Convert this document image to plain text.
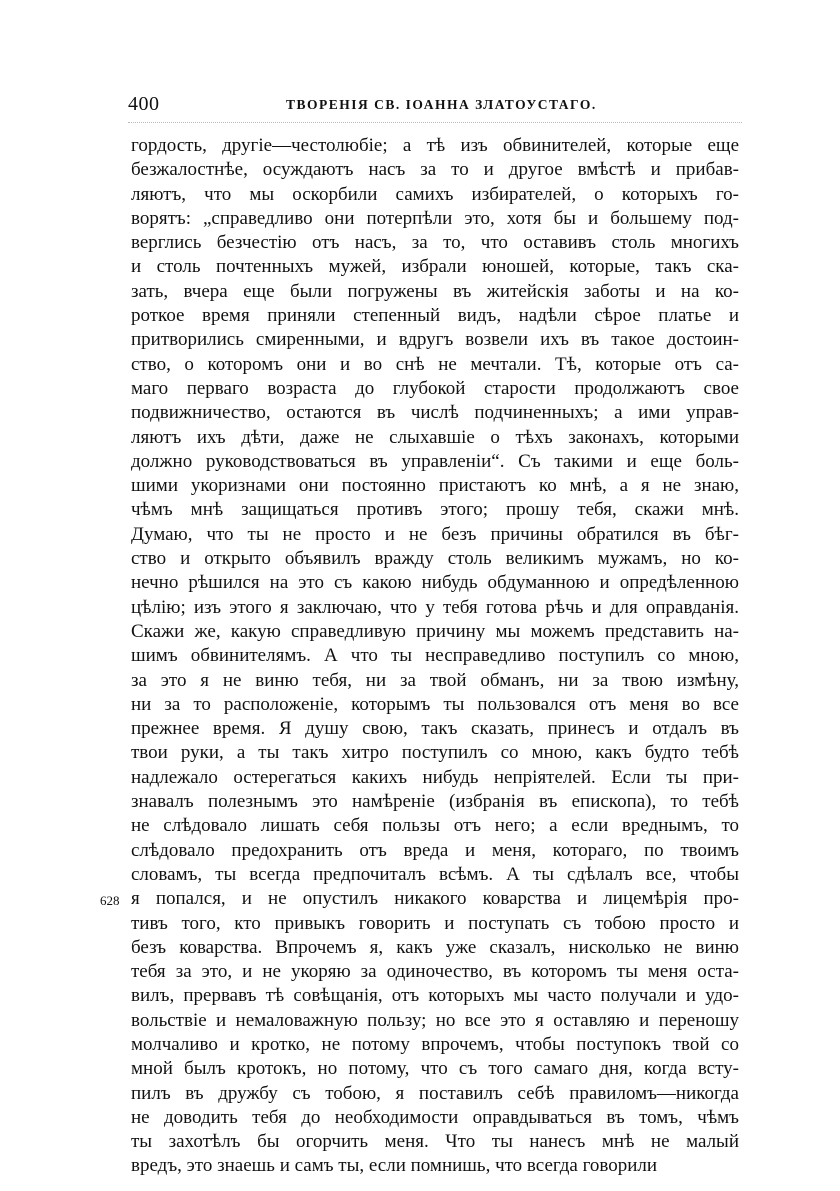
400	ТВОРЕНІЯ СВ. ІОАННА ЗЛАТОУСТАГО.
628
гордость, другіе—честолюбіе; а тѣ изъ обвинителей, которые еще
безжалостнѣе, осуждаютъ насъ за то и другое вмѣстѣ и прибав-
ляютъ, что мы оскорбили самихъ избирателей, о которыхъ го-
ворятъ: „справедливо они потерпѣли это, хотя бы и большему под-
верглись безчестію отъ насъ, за то, что оставивъ столь многихъ
и столь почтенныхъ мужей, избрали юношей, которые, такъ ска-
зать, вчера еще были погружены въ житейскія заботы и на ко-
роткое время приняли степенный видъ, надѣли сѣрое платье и
притворились смиренными, и вдругъ возвели ихъ въ такое достоин-
ство, о которомъ они и во снѣ не мечтали. Тѣ, которые отъ са-
маго перваго возраста до глубокой старости продолжаютъ свое
подвижничество, остаются въ числѣ подчиненныхъ; а ими управ-
ляютъ ихъ дѣти, даже не слыхавшіе о тѣхъ законахъ, которыми
должно руководствоваться въ управленіи“. Съ такими и еще боль-
шими укоризнами они постоянно пристаютъ ко мнѣ, а я не знаю,
чѣмъ мнѣ защищаться противъ этого; прошу тебя, скажи мнѣ.
Думаю, что ты не просто и не безъ причины обратился въ бѣг-
ство и открыто объявилъ вражду столь великимъ мужамъ, но ко-
нечно рѣшился на это съ какою нибудь обдуманною и опредѣленною
цѣлію; изъ этого я заключаю, что у тебя готова рѣчь и для оправданія.
Скажи же, какую справедливую причину мы можемъ представить на-
шимъ обвинителямъ. А что ты несправедливо поступилъ со мною,
за это я не виню тебя, ни за твой обманъ, ни за твою измѣну,
ни за то расположеніе, которымъ ты пользовался отъ меня во все
прежнее время. Я душу свою, такъ сказать, принесъ и отдалъ въ
твои руки, а ты такъ хитро поступилъ со мною, какъ будто тебѣ
надлежало остерегаться какихъ нибудь непріятелей. Если ты при-
знавалъ полезнымъ это намѣреніе (избранія въ епископа), то тебѣ
не слѣдовало лишать себя пользы отъ него; а если вреднымъ, то
слѣдовало предохранить отъ вреда и меня, котораго, по твоимъ
словамъ, ты всегда предпочиталъ всѣмъ. А ты сдѣлалъ все, чтобы
я попался, и не опустилъ никакого коварства и лицемѣрія про-
тивъ того, кто привыкъ говорить и поступать съ тобою просто и
безъ коварства. Впрочемъ я, какъ уже сказалъ, нисколько не виню
тебя за это, и не укоряю за одиночество, въ которомъ ты меня оста-
вилъ, прервавъ тѣ совѣщанія, отъ которыхъ мы часто получали и удо-
вольствіе и немаловажную пользу; но все это я оставляю и переношу
молчаливо и кротко, не потому впрочемъ, чтобы поступокъ твой со
мной былъ кротокъ, но потому, что съ того самаго дня, когда всту-
пилъ въ дружбу съ тобою, я поставилъ себѣ правиломъ—никогда
не доводить тебя до необходимости оправдываться въ томъ, чѣмъ
ты захотѣлъ бы огорчить меня. Что ты нанесъ мнѣ не малый
вредъ, это знаешь и самъ ты, если помнишь, что всегда говорили
